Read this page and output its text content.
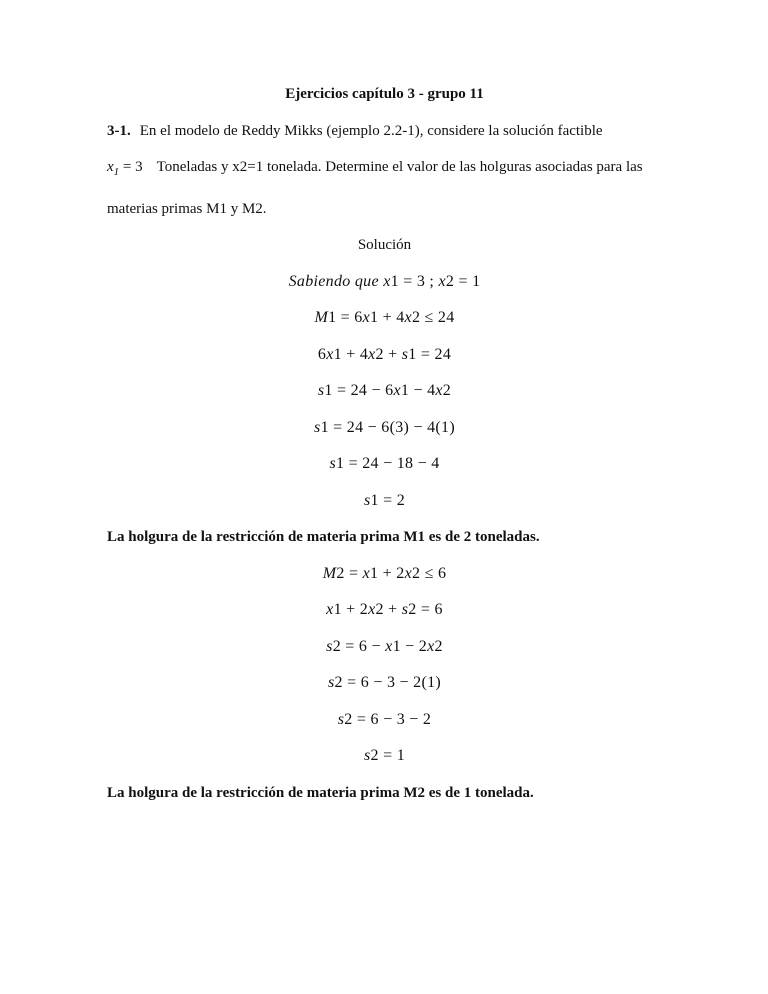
Ejercicios capítulo 3 - grupo 11

3-1. En el modelo de Reddy Mikks (ejemplo 2.2-1), considere la solución factible

$x_1 = 3$ Toneladas y x2=1 tonelada. Determine el valor de las holguras asociadas para las materias primas M1 y M2.

Solución

Sabiendo que x1 = 3 ; x2 = 1

M1 = 6x1 + 4x2 ≤ 24

6x1 + 4x2 + s1 = 24

s1 = 24 − 6x1 − 4x2

s1 = 24 − 6(3) − 4(1)

s1 = 24 − 18 − 4

s1 = 2

La holgura de la restricción de materia prima M1 es de 2 toneladas.

M2 = x1 + 2x2 ≤ 6

x1 + 2x2 + s2 = 6

s2 = 6 − x1 − 2x2

s2 = 6 − 3 − 2(1)

s2 = 6 − 3 − 2

s2 = 1

La holgura de la restricción de materia prima M2 es de 1 tonelada.
